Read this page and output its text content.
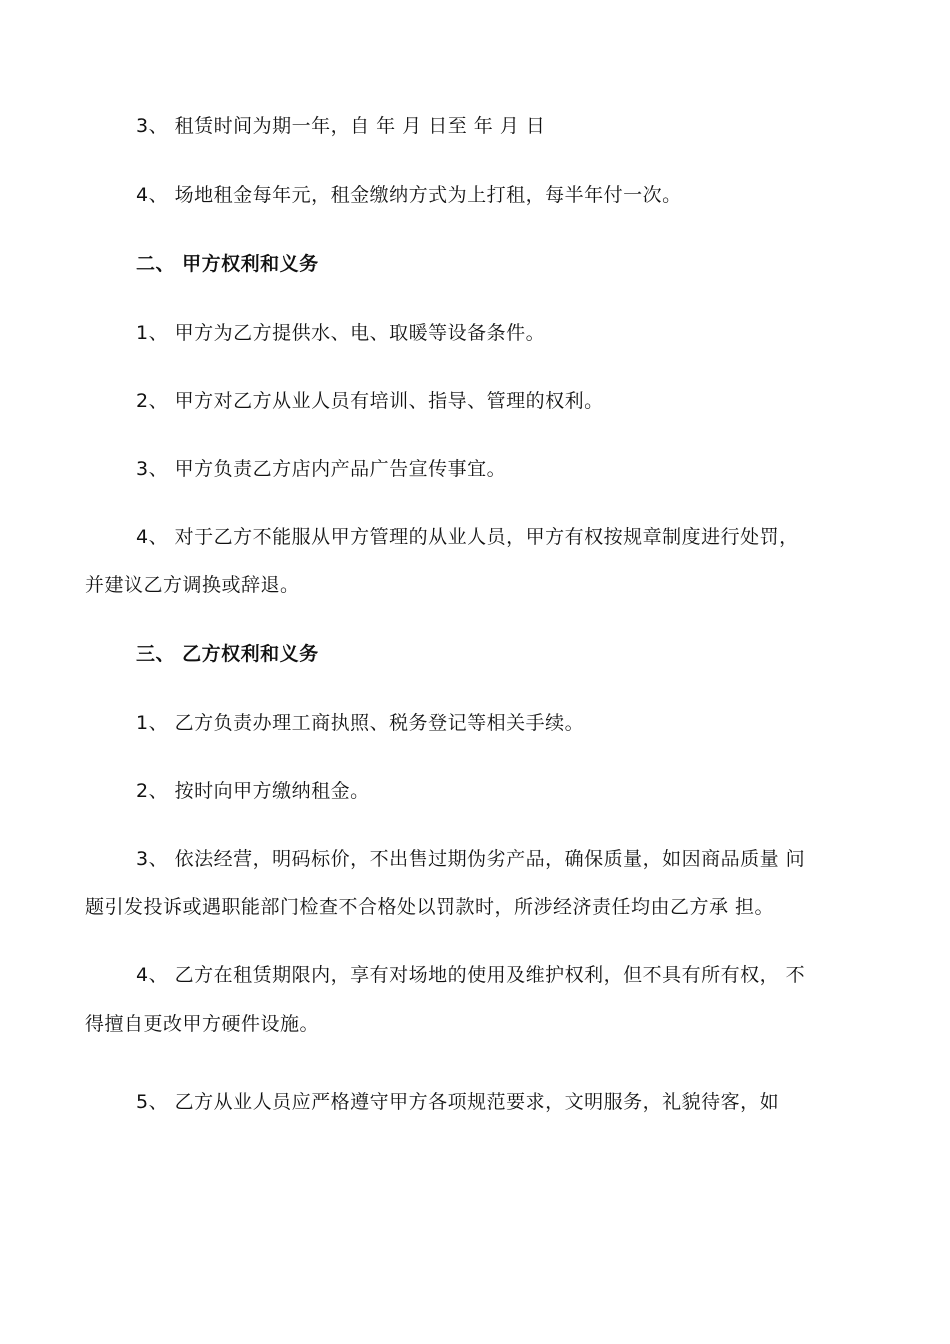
3、 租赁时间为期一年，自 年 月 日至 年 月 日
4、 场地租金每年元，租金缴纳方式为上打租，每半年付一次。
二、 甲方权利和义务
1、 甲方为乙方提供水、电、取暖等设备条件。
2、 甲方对乙方从业人员有培训、指导、管理的权利。
3、 甲方负责乙方店内产品广告宣传事宜。
4、 对于乙方不能服从甲方管理的从业人员，甲方有权按规章制度进行处罚，
并建议乙方调换或辞退。
三、 乙方权利和义务
1、 乙方负责办理工商执照、税务登记等相关手续。
2、 按时向甲方缴纳租金。
3、 依法经营，明码标价，不出售过期伪劣产品，确保质量，如因商品质量 问
题引发投诉或遇职能部门检查不合格处以罚款时，所涉经济责任均由乙方承 担。
4、 乙方在租赁期限内，享有对场地的使用及维护权利，但不具有所有权， 不
得擅自更改甲方硬件设施。
5、 乙方从业人员应严格遵守甲方各项规范要求，文明服务，礼貌待客，如
